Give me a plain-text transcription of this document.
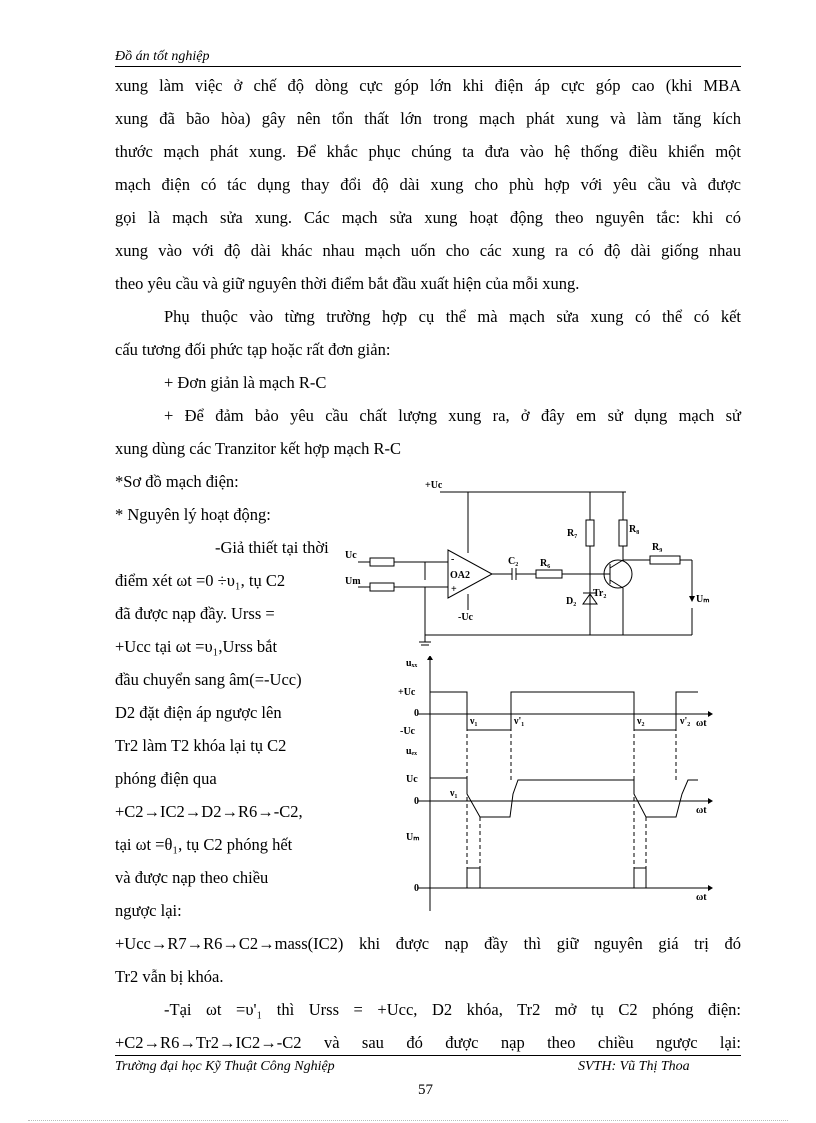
Đồ án tốt nghiệp
xung làm việc ở chế độ dòng cực góp lớn khi điện áp cực góp cao (khi MBA
xung đã bão hòa) gây nên tổn thất lớn trong mạch phát xung và làm tăng kích
thước mạch phát xung. Để khắc phục chúng ta đưa vào hệ thống điều khiển một
mạch điện có tác dụng thay đổi độ dài xung cho phù hợp với yêu cầu và được
gọi là mạch sửa xung. Các mạch sửa xung hoạt động theo nguyên tắc: khi có
xung vào với độ dài khác nhau mạch uốn cho các xung ra có độ dài giống nhau
theo yêu cầu và giữ nguyên thời điểm bắt đầu xuất hiện của mỗi xung.
Phụ thuộc vào từng trường hợp cụ thể mà mạch sửa xung có thể có kết
cấu tương đối phức tạp hoặc rất đơn giản:
+ Đơn giản là mạch R-C
+ Để đảm bảo yêu cầu chất lượng xung ra, ở đây em sử dụng mạch sử
xung dùng các Tranzitor kết hợp mạch R-C
*Sơ đồ mạch điện:
* Nguyên lý hoạt động:
-Giả thiết tại thời
điểm xét ωt =0 ÷υ₁, tụ C2
đã được nạp đầy. Urss =
+Ucc tại ωt =υ₁,Urss bắt
đầu chuyển sang âm(=-Ucc)
D2 đặt điện áp ngược lên
Tr2 làm T2 khóa lại tụ C2
phóng điện qua
+C2→IC2→D2→R6→-C2,
tại ωt =θ₁, tụ C2 phóng hết
và được nạp theo chiều
ngược lại:
+Ucc→R7→R6→C2→mass(IC2) khi được nạp đầy thì giữ nguyên giá trị đó
Tr2 vẫn bị khóa.
-Tại ωt =υ'₁ thì Urss = +Ucc, D2 khóa, Tr2 mở tụ C2 phóng điện:
+C2→R6→Tr2→IC2→-C2 và sau đó được nạp theo chiều ngược lại:
+Uc
Uc
Um
OA2
-
+
-Uc
C₂ R₆
R₇	R₈
R₉
Tr₂
D₂	Uₘ
uₓₓ
+Uc
0
-Uc
ν₁	ν'₁	ν₂	ν'₂ ωt
uₑₓ
Uc
0
ν₁
ωt
Uₘ
0
ωt
Trường đại học Kỹ Thuật Công Nghiệp	SVTH: Vũ Thị Thoa
57
